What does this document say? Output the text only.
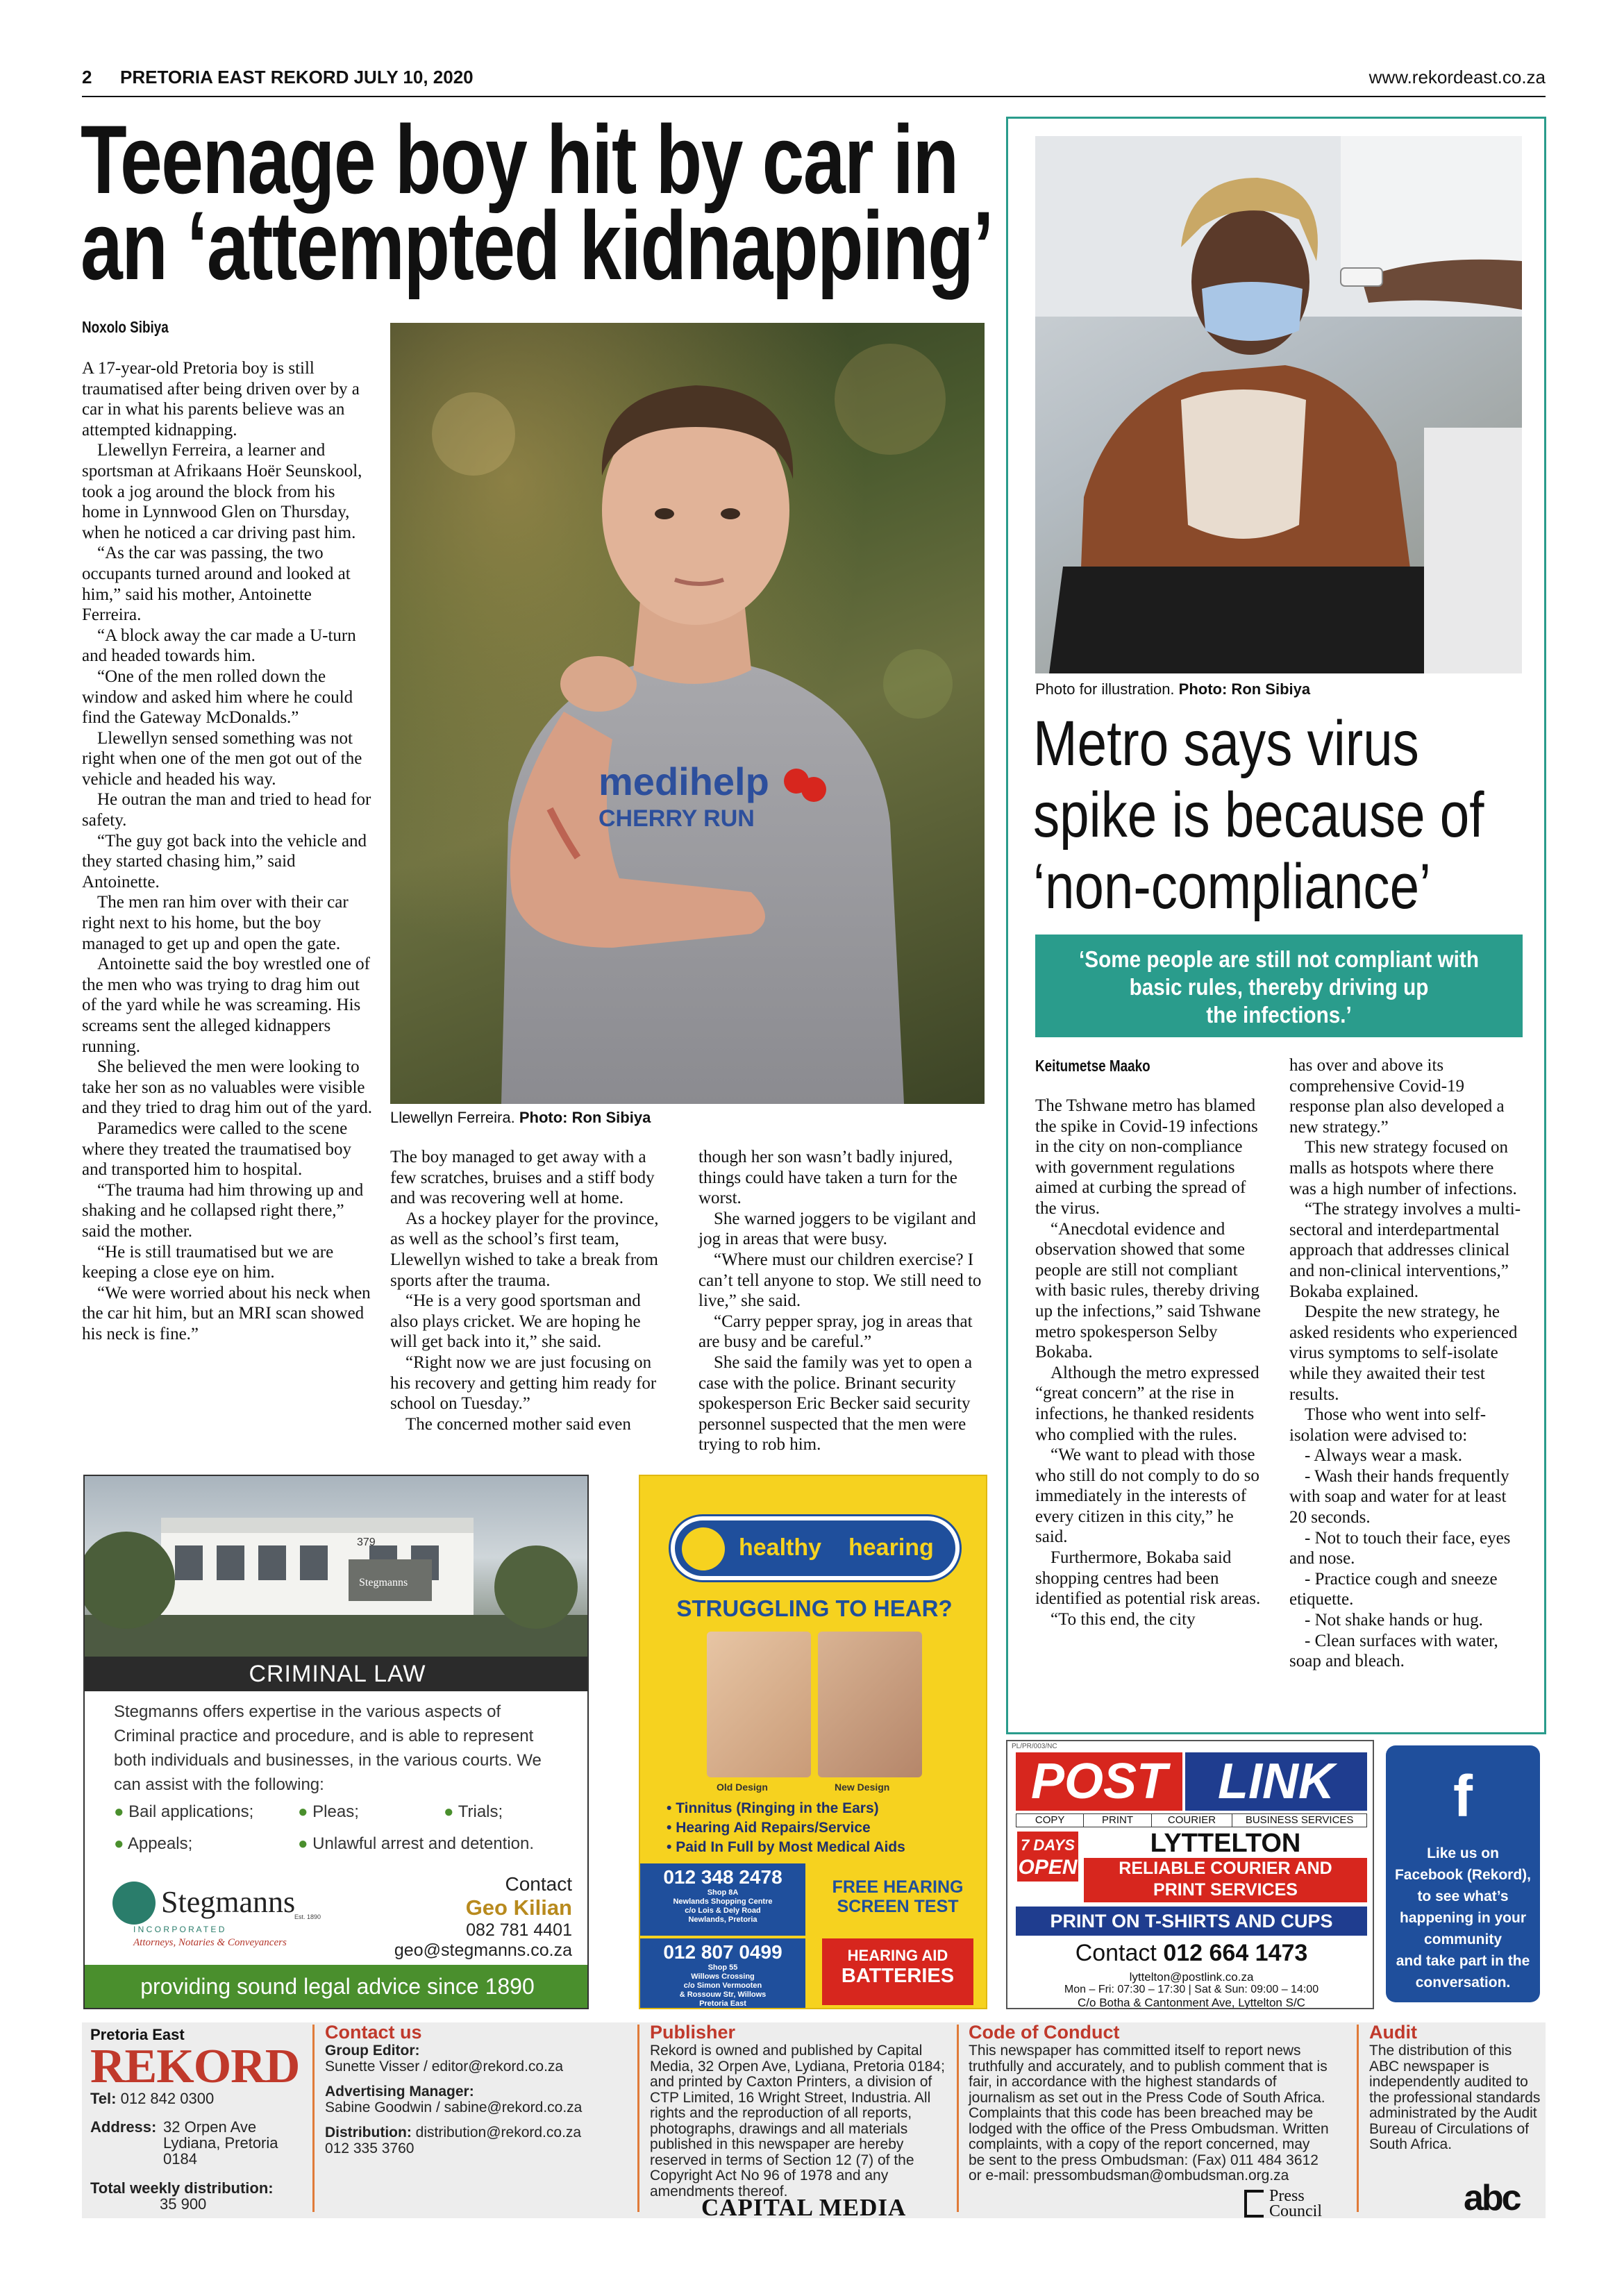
2 PRETORIA EAST REKORD JULY 10, 2020	www.rekordeast.co.za
Teenage boy hit by car in
an ‘attempted kidnapping’
Noxolo Sibiya
medihelp
CHERRY RUN
Llewellyn Ferreira. Photo: Ron Sibiya

A 17-year-old Pretoria boy is still traumatised after being driven over by a car in what his parents believe was an attempted kidnapping.

Llewellyn Ferreira, a learner and sportsman at Afrikaans Hoër Seunskool, took a jog around the block from his home in Lynnwood Glen on Thursday, when he noticed a car driving past him.

“As the car was passing, the two occupants turned around and looked at him,” said his mother, Antoinette Ferreira.

“A block away the car made a U-turn and headed towards him.

“One of the men rolled down the window and asked him where he could find the Gateway McDonalds.”

Llewellyn sensed something was not right when one of the men got out of the vehicle and headed his way.

He outran the man and tried to head for safety.

“The guy got back into the vehicle and they started chasing him,” said Antoinette.

The men ran him over with their car right next to his home, but the boy managed to get up and open the gate.

Antoinette said the boy wrestled one of the men who was trying to drag him out of the yard while he was screaming. His screams sent the alleged kidnappers running.

She believed the men were looking to take her son as no valuables were visible and they tried to drag him out of the yard.

Paramedics were called to the scene where they treated the traumatised boy and transported him to hospital.

“The trauma had him throwing up and shaking and he collapsed right there,” said the mother.

“He is still traumatised but we are keeping a close eye on him.

“We were worried about his neck when the car hit him, but an MRI scan showed his neck is fine.”

The boy managed to get away with a few scratches, bruises and a stiff body and was recovering well at home.

As a hockey player for the province, as well as the school’s first team, Llewellyn wished to take a break from sports after the trauma.

“He is a very good sportsman and also plays cricket. We are hoping he will get back into it,” she said.

“Right now we are just focusing on his recovery and getting him ready for school on Tuesday.”

The concerned mother said even

though her son wasn’t badly injured, things could have taken a turn for the worst.

She warned joggers to be vigilant and jog in areas that were busy.

“Where must our children exercise? I can’t tell anyone to stop. We still need to live,” she said.

“Carry pepper spray, jog in areas that are busy and be careful.”

She said the family was yet to open a case with the police. Brinant security spokesperson Eric Becker said security personnel suspected that the men were trying to rob him.

Photo for illustration. Photo: Ron Sibiya
Metro says virus
spike is because of
‘non-compliance’
‘Some people are still not compliant with
basic rules, thereby driving up
the infections.’
Keitumetse Maako

The Tshwane metro has blamed the spike in Covid-19 infections in the city on non-compliance with government regulations aimed at curbing the spread of the virus.

“Anecdotal evidence and observation showed that some people are still not compliant with basic rules, thereby driving up the infections,” said Tshwane metro spokesperson Selby Bokaba.

Although the metro expressed “great concern” at the rise in infections, he thanked residents who complied with the rules.

“We want to plead with those who still do not comply to do so immediately in the interests of every citizen in this city,” he said.

Furthermore, Bokaba said shopping centres had been identified as potential risk areas.

“To this end, the city

has over and above its comprehensive Covid-19 response plan also developed a new strategy.”

This new strategy focused on malls as hotspots where there was a high number of infections.

“The strategy involves a multi-sectoral and interdepartmental approach that addresses clinical and non-clinical interventions,” Bokaba explained.

Despite the new strategy, he asked residents who experienced virus symptoms to self-isolate while they awaited their test results.

Those who went into self-isolation were advised to:

- Always wear a mask.

- Wash their hands frequently with soap and water for at least 20 seconds.

- Not to touch their face, eyes and nose.

- Practice cough and sneeze etiquette.

- Not shake hands or hug.

- Clean surfaces with water, soap and bleach.

379
Stegmanns
CRIMINAL LAW
Stegmanns offers expertise in the various aspects of Criminal practice and procedure, and is able to represent both individuals and businesses, in the various courts. We can assist with the following:
● Bail applications;	● Pleas;	● Trials;
● Appeals;	● Unlawful arrest and detention.
Stegmanns
Est. 1890
I N C O R P O R A T E D
Attorneys, Notaries & Conveyancers
Contact
Geo Kilian
082 781 4401
geo@stegmanns.co.za
providing sound legal advice since 1890
healthy hearing
STRUGGLING TO HEAR?
Old Design	New Design
• Tinnitus (Ringing in the Ears)
• Hearing Aid Repairs/Service
• Paid In Full by Most Medical Aids
012 348 2478
Shop 8A
Newlands Shopping Centre
c/o Lois & Dely Road
Newlands, Pretoria
012 807 0499
Shop 55
Willows Crossing
c/o Simon Vermooten
& Rossouw Str, Willows
Pretoria East
FREE HEARING
SCREEN TEST
HEARING AID
BATTERIES
PL/PR/003/NC
POST	LINK
COPY	PRINT	COURIER	BUSINESS SERVICES
7 DAYS
OPEN
LYTTELTON
RELIABLE COURIER AND
PRINT SERVICES
PRINT ON T-SHIRTS AND CUPS
Contact 012 664 1473
lyttelton@postlink.co.za
Mon – Fri: 07:30 – 17:30 | Sat & Sun: 09:00 – 14:00
C/o Botha & Cantonment Ave, Lyttelton S/C
f
Like us on
Facebook (Rekord),
to see what’s
happening in your
community
and take part in the
conversation.
Pretoria East
REKORD
Tel: 012 842 0300
Address: 32 Orpen Ave
Lydiana, Pretoria
0184
Total weekly distribution:
35 900
Contact us
Group Editor:
Sunette Visser / editor@rekord.co.za
Advertising Manager:
Sabine Goodwin / sabine@rekord.co.za
Distribution: distribution@rekord.co.za
012 335 3760
Publisher
Rekord is owned and published by Capital Media, 32 Orpen Ave, Lydiana, Pretoria 0184; and printed by Caxton Printers, a division of CTP Limited, 16 Wright Street, Industria. All rights and the reproduction of all reports, photographs, drawings and all materials published in this newspaper are hereby reserved in terms of Section 12 (7) of the Copyright Act No 96 of 1978 and any amendments thereof.
CAPITAL MEDIA
Code of Conduct
This newspaper has committed itself to report news truthfully and accurately, and to publish comment that is fair, in accordance with the highest standards of journalism as set out in the Press Code of South Africa. Complaints that this code has been breached may be lodged with the office of the Press Ombudsman. Written complaints, with a copy of the report concerned, may be sent to the press Ombudsman: (Fax) 011 484 3612 or e-mail: pressombudsman@ombudsman.org.za
Press
Council
Audit
The distribution of this ABC newspaper is independently audited to the professional standards administrated by the Audit Bureau of Circulations of South Africa.
abc
